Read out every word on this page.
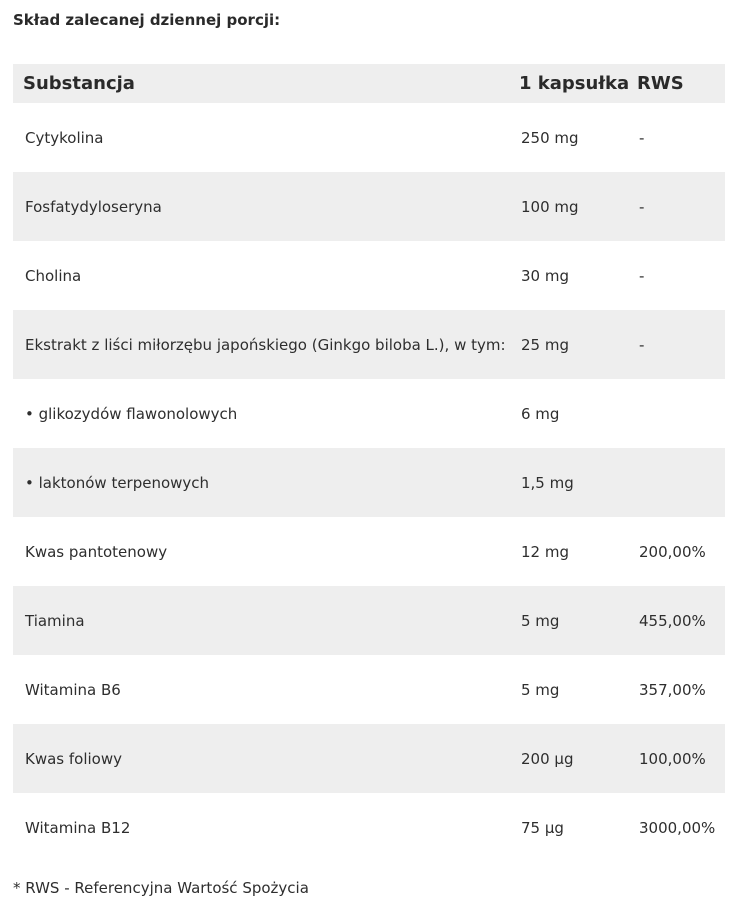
Skład zalecanej dziennej porcji:

Substancja	1 kapsułka	RWS
Cytykolina	250 mg	-
Fosfatydyloseryna	100 mg	-
Cholina	30 mg	-
Ekstrakt z liści miłorzębu japońskiego (Ginkgo biloba L.), w tym:	25 mg	-
• glikozydów flawonolowych	6 mg	
• laktonów terpenowych	1,5 mg	
Kwas pantotenowy	12 mg	200,00%
Tiamina	5 mg	455,00%
Witamina B6	5 mg	357,00%
Kwas foliowy	200 µg	100,00%
Witamina B12	75 µg	3000,00%

* RWS - Referencyjna Wartość Spożycia
